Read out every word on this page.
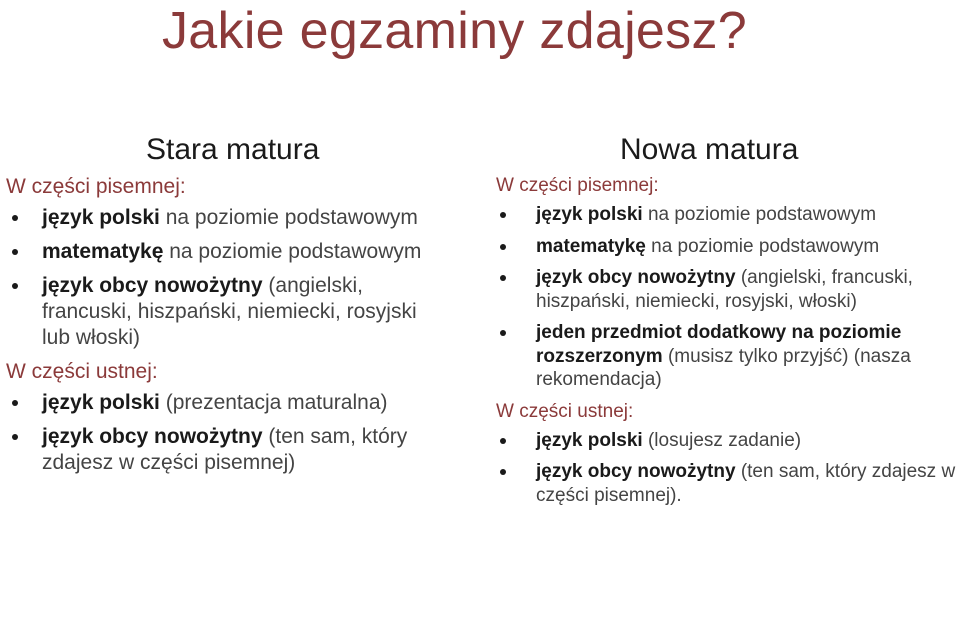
Jakie egzaminy zdajesz?
Stara matura
W części pisemnej:
język polski na poziomie podstawowym
matematykę na poziomie podstawowym
język obcy nowożytny (angielski, francuski, hiszpański, niemiecki, rosyjski lub włoski)
W części ustnej:
język polski (prezentacja maturalna)
język obcy nowożytny (ten sam, który zdajesz w części pisemnej)
Nowa matura
W części pisemnej:
język polski na poziomie podstawowym
matematykę na poziomie podstawowym
język obcy nowożytny (angielski, francuski, hiszpański, niemiecki, rosyjski, włoski)
jeden przedmiot dodatkowy na poziomie rozszerzonym (musisz tylko przyjść) (nasza rekomendacja)
W części ustnej:
język polski (losujesz zadanie)
język obcy nowożytny (ten sam, który zdajesz w części pisemnej).
